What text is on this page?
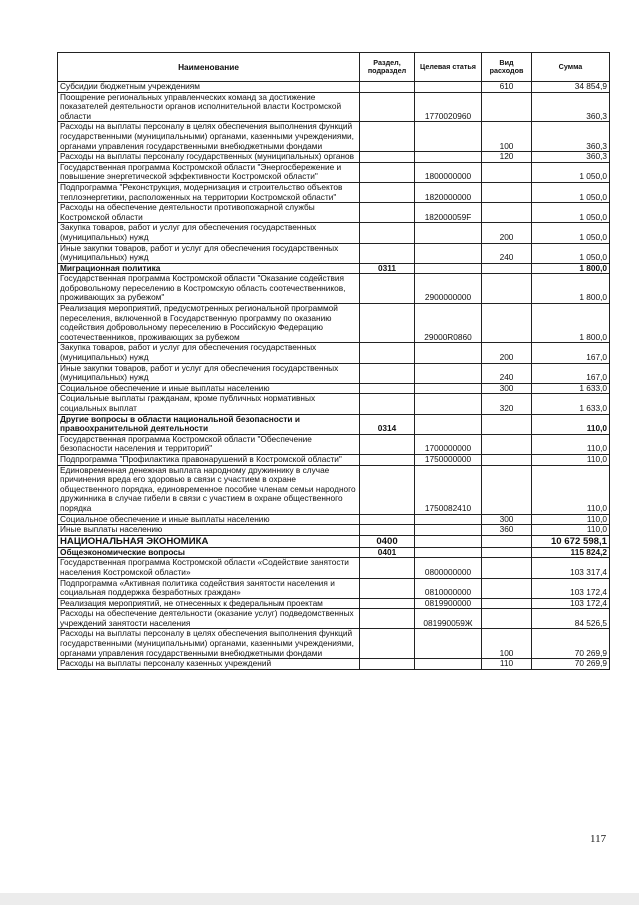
Наименование	Раздел, подраздел	Целевая статья	Вид расходов	Сумма
Субсидии бюджетным учреждениям			610	34 854,9
Поощрение региональных управленческих команд за достижение показателей деятельности органов исполнительной власти Костромской области		1770020960		360,3
Расходы на выплаты персоналу в целях обеспечения выполнения функций государственными (муниципальными) органами, казенными учреждениями, органами управления государственными внебюджетными фондами			100	360,3
Расходы на выплаты персоналу государственных (муниципальных) органов			120	360,3
Государственная программа Костромской области "Энергосбережение и повышение энергетической эффективности Костромской области"		1800000000		1 050,0
Подпрограмма "Реконструкция, модернизация и строительство объектов теплоэнергетики, расположенных на территории Костромской области"		1820000000		1 050,0
Расходы на обеспечение деятельности противопожарной службы Костромской области		182000059F		1 050,0
Закупка товаров, работ и услуг для обеспечения государственных (муниципальных) нужд			200	1 050,0
Иные закупки товаров, работ и услуг для обеспечения государственных (муниципальных) нужд			240	1 050,0
Миграционная политика	0311			1 800,0
Государственная программа Костромской области "Оказание содействия добровольному переселению в Костромскую область соотечественников, проживающих за рубежом"		2900000000		1 800,0
Реализация мероприятий, предусмотренных региональной программой переселения, включенной в Государственную программу по оказанию содействия добровольному переселению в Российскую Федерацию соотечественников, проживающих за рубежом		29000R0860		1 800,0
Закупка товаров, работ и услуг для обеспечения государственных (муниципальных) нужд			200	167,0
Иные закупки товаров, работ и услуг для обеспечения государственных (муниципальных) нужд			240	167,0
Социальное обеспечение и иные выплаты населению			300	1 633,0
Социальные выплаты гражданам, кроме публичных нормативных социальных выплат			320	1 633,0
Другие вопросы в области национальной безопасности и правоохранительной деятельности	0314			110,0
Государственная программа Костромской области "Обеспечение безопасности населения и территорий"		1700000000		110,0
Подпрограмма "Профилактика правонарушений в Костромской области"		1750000000		110,0
Единовременная денежная выплата народному дружиннику в случае причинения вреда его здоровью в связи с участием в охране общественного порядка, единовременное пособие членам семьи народного дружинника в случае гибели в связи с участием в охране общественного порядка		1750082410		110,0
Социальное обеспечение и иные выплаты населению			300	110,0
Иные выплаты населению			360	110,0
НАЦИОНАЛЬНАЯ ЭКОНОМИКА	0400			10 672 598,1
Общеэкономические вопросы	0401			115 824,2
Государственная программа Костромской области «Содействие занятости населения Костромской области»		0800000000		103 317,4
Подпрограмма «Активная политика содействия занятости населения и социальная поддержка безработных граждан»		0810000000		103 172,4
Реализация мероприятий, не отнесенных к федеральным проектам		0819900000		103 172,4
Расходы на обеспечение деятельности (оказание услуг) подведомственных учреждений занятости населения		081990059Ж		84 526,5
Расходы на выплаты персоналу в целях обеспечения выполнения функций государственными (муниципальными) органами, казенными учреждениями, органами управления государственными внебюджетными фондами			100	70 269,9
Расходы на выплаты персоналу казенных учреждений			110	70 269,9
117
